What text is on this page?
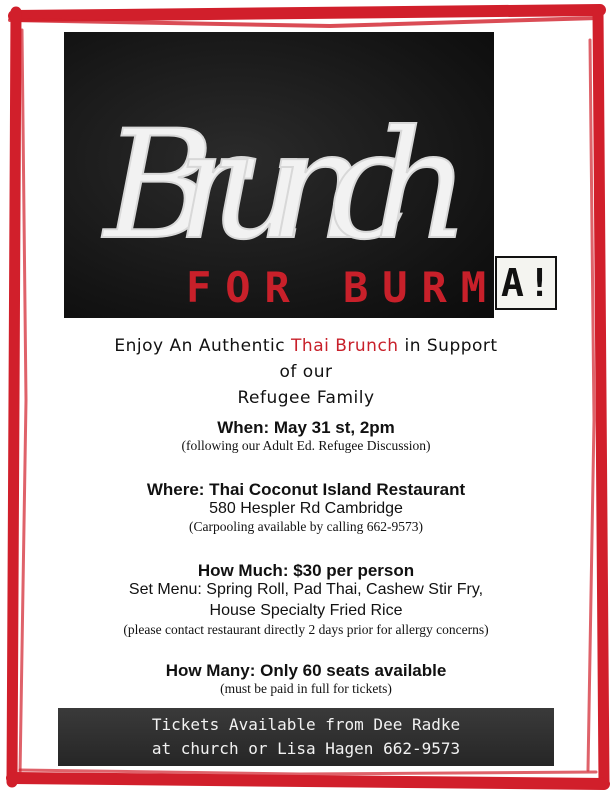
Brunch
FOR BURM A!
Enjoy An Authentic Thai Brunch in Support
of our
Refugee Family
When: May 31 st, 2pm
(following our Adult Ed. Refugee Discussion)
Where: Thai Coconut Island Restaurant
580 Hespler Rd Cambridge
(Carpooling available by calling 662-9573)
How Much: $30 per person
Set Menu: Spring Roll, Pad Thai, Cashew Stir Fry,
House Specialty Fried Rice
(please contact restaurant directly 2 days prior for allergy concerns)
How Many: Only 60 seats available
(must be paid in full for tickets)
Tickets Available from Dee Radke
at church or Lisa Hagen 662-9573
